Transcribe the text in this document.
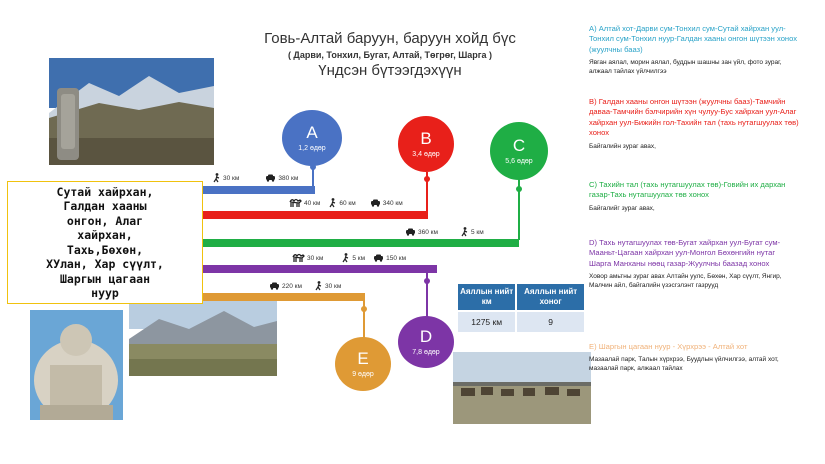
Говь-Алтай баруун, баруун хойд бүс
( Дарви, Тонхил, Бугат, Алтай, Төгрөг, Шарга )
Үндсэн бүтээгдэхүүн
Сутай хайрхан,
Галдан хааны
онгон, Алаг
хайрхан,
Тахь,Бөхөн,
ХУлан, Хар сүүлт,
Шаргын цагаан
нуур
A
1,2 өдөр
B
3,4 өдөр	C
5,6 өдөр
D
7,8 өдөр
E
9 өдөр
30 км	380 км
40 км	60 км	340 км
360 км	5 км
30 км	5 км	150 км
220 км	30 км
Аяллын нийт км	Аяллын нийт хоног
1275 км	9
A) Алтай хот-Дарви сум-Тонхил сум-Сутай хайрхан уул-Тонхил сум-Тонхил нуур-Галдан хааны онгон шүтээн хонох (жуулчны бааз)
Явган аялал, морин аялал, буддын шашны зан үйл, фото зураг, алжаал тайлах үйлчилгээ
B) Галдан хааны онгон шүтээн (жуулчны бааз)-Тамчийн даваа-Тамчийн бэлчирийн хүн чулуу-Бус хайрхан уул-Алаг хайрхан уул-Бижийн гол-Тахийн тал (тахь нутагшуулах төв) хонох
Байгалийн зураг авах,
C) Тахийн тал (тахь нутагшуулах төв)-Говийн их дархан газар-Тахь нутагшуулах төв хонох
Байгалийг зураг авах,
D) Тахь нутагшуулах төв-Бугат хайрхан уул-Бугат сум-Мааньт-Цагаан хайрхан уул-Монгол Бөхөнгийн нутаг Шарга Манханы нөөц газар-Жуулчны баазад хонох
Ховор амьтны зураг авах Алтайн уулс, Бөхөн, Хар сүүлт, Янгир, Малчин айл, байгалийн үзэсгэлэнт газрууд
E) Шаргын цагаан нуур - Хүрхрээ - Алтай хот
Мазаалай парк, Талын хүрхрээ, Буудлын үйлчилгээ, алтай хот, мазаалай парк, алжаал тайлах
